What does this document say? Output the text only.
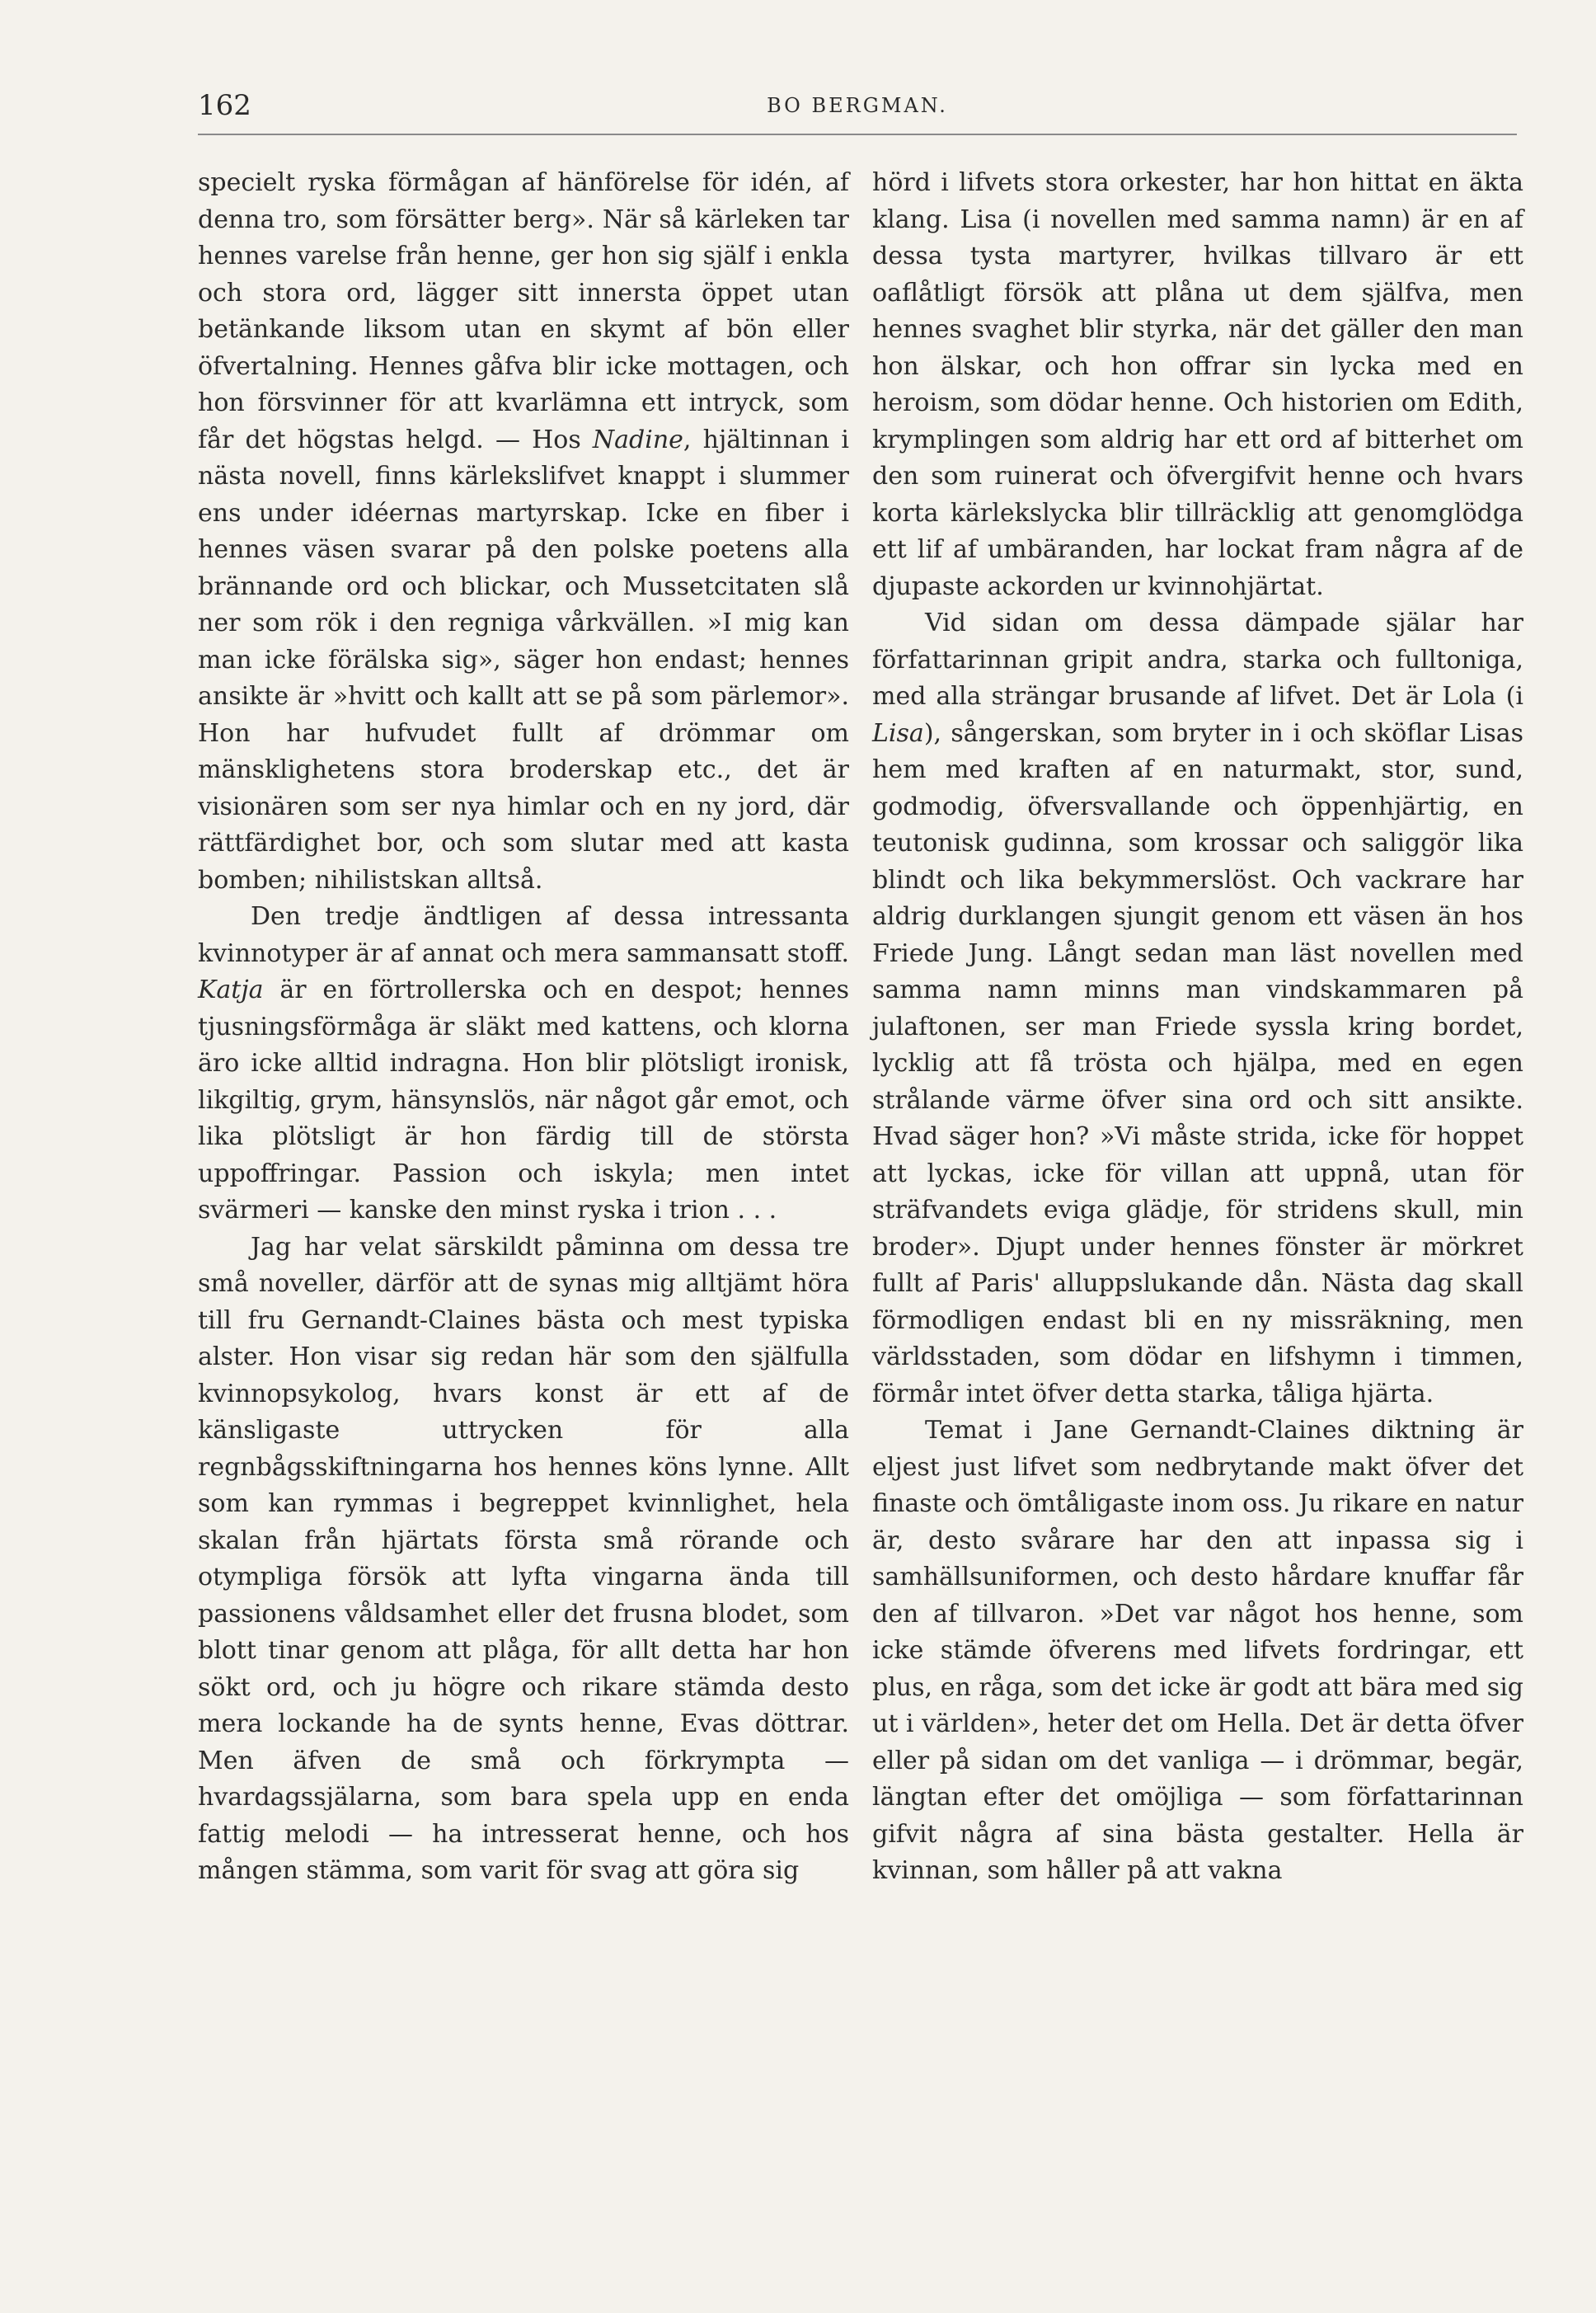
162	BO BERGMAN.

specielt ryska förmågan af hänförelse för idén, af denna tro, som försätter berg». När så kärleken tar hennes varelse från henne, ger hon sig själf i enkla och stora ord, lägger sitt innersta öppet utan betänkande liksom utan en skymt af bön eller öfvertalning. Hennes gåfva blir icke mottagen, och hon försvinner för att kvarlämna ett intryck, som får det högstas helgd. — Hos Nadine, hjältinnan i nästa novell, finns kärlekslifvet knappt i slummer ens under idéernas martyrskap. Icke en fiber i hennes väsen svarar på den polske poetens alla brännande ord och blickar, och Mussetcitaten slå ner som rök i den regniga vårkvällen. »I mig kan man icke förälska sig», säger hon endast; hennes ansikte är »hvitt och kallt att se på som pärlemor». Hon har hufvudet fullt af drömmar om mänsklighetens stora broderskap etc., det är visionären som ser nya himlar och en ny jord, där rättfärdighet bor, och som slutar med att kasta bomben; nihilistskan alltså.

Den tredje ändtligen af dessa intressanta kvinnotyper är af annat och mera sammansatt stoff. Katja är en förtrollerska och en despot; hennes tjusningsförmåga är släkt med kattens, och klorna äro icke alltid indragna. Hon blir plötsligt ironisk, likgiltig, grym, hänsynslös, när något går emot, och lika plötsligt är hon färdig till de största uppoffringar. Passion och iskyla; men intet svärmeri — kanske den minst ryska i trion . . .

Jag har velat särskildt påminna om dessa tre små noveller, därför att de synas mig alltjämt höra till fru Gernandt-Claines bästa och mest typiska alster. Hon visar sig redan här som den själfulla kvinnopsykolog, hvars konst är ett af de känsligaste uttrycken för alla regnbågsskiftningarna hos hennes köns lynne. Allt som kan rymmas i begreppet kvinnlighet, hela skalan från hjärtats första små rörande och otympliga försök att lyfta vingarna ända till passionens våldsamhet eller det frusna blodet, som blott tinar genom att plåga, för allt detta har hon sökt ord, och ju högre och rikare stämda desto mera lockande ha de synts henne, Evas döttrar. Men äfven de små och förkrympta — hvardagssjälarna, som bara spela upp en enda fattig melodi — ha intresserat henne, och hos mången stämma, som varit för svag att göra sig

hörd i lifvets stora orkester, har hon hittat en äkta klang. Lisa (i novellen med samma namn) är en af dessa tysta martyrer, hvilkas tillvaro är ett oaflåtligt försök att plåna ut dem själfva, men hennes svaghet blir styrka, när det gäller den man hon älskar, och hon offrar sin lycka med en heroism, som dödar henne. Och historien om Edith, krymplingen som aldrig har ett ord af bitterhet om den som ruinerat och öfvergifvit henne och hvars korta kärlekslycka blir tillräcklig att genomglödga ett lif af umbäranden, har lockat fram några af de djupaste ackorden ur kvinnohjärtat.

Vid sidan om dessa dämpade själar har författarinnan gripit andra, starka och fulltoniga, med alla strängar brusande af lifvet. Det är Lola (i Lisa), sångerskan, som bryter in i och sköflar Lisas hem med kraften af en naturmakt, stor, sund, godmodig, öfversvallande och öppenhjärtig, en teutonisk gudinna, som krossar och saliggör lika blindt och lika bekymmerslöst. Och vackrare har aldrig durklangen sjungit genom ett väsen än hos Friede Jung. Långt sedan man läst novellen med samma namn minns man vindskammaren på julaftonen, ser man Friede syssla kring bordet, lycklig att få trösta och hjälpa, med en egen strålande värme öfver sina ord och sitt ansikte. Hvad säger hon? »Vi måste strida, icke för hoppet att lyckas, icke för villan att uppnå, utan för sträfvandets eviga glädje, för stridens skull, min broder». Djupt under hennes fönster är mörkret fullt af Paris' alluppslukande dån. Nästa dag skall förmodligen endast bli en ny missräkning, men världsstaden, som dödar en lifshymn i timmen, förmår intet öfver detta starka, tåliga hjärta.

Temat i Jane Gernandt-Claines diktning är eljest just lifvet som nedbrytande makt öfver det finaste och ömtåligaste inom oss. Ju rikare en natur är, desto svårare har den att inpassa sig i samhällsuniformen, och desto hårdare knuffar får den af tillvaron. »Det var något hos henne, som icke stämde öfverens med lifvets fordringar, ett plus, en råga, som det icke är godt att bära med sig ut i världen», heter det om Hella. Det är detta öfver eller på sidan om det vanliga — i drömmar, begär, längtan efter det omöjliga — som författarinnan gifvit några af sina bästa gestalter. Hella är kvinnan, som håller på att vakna
